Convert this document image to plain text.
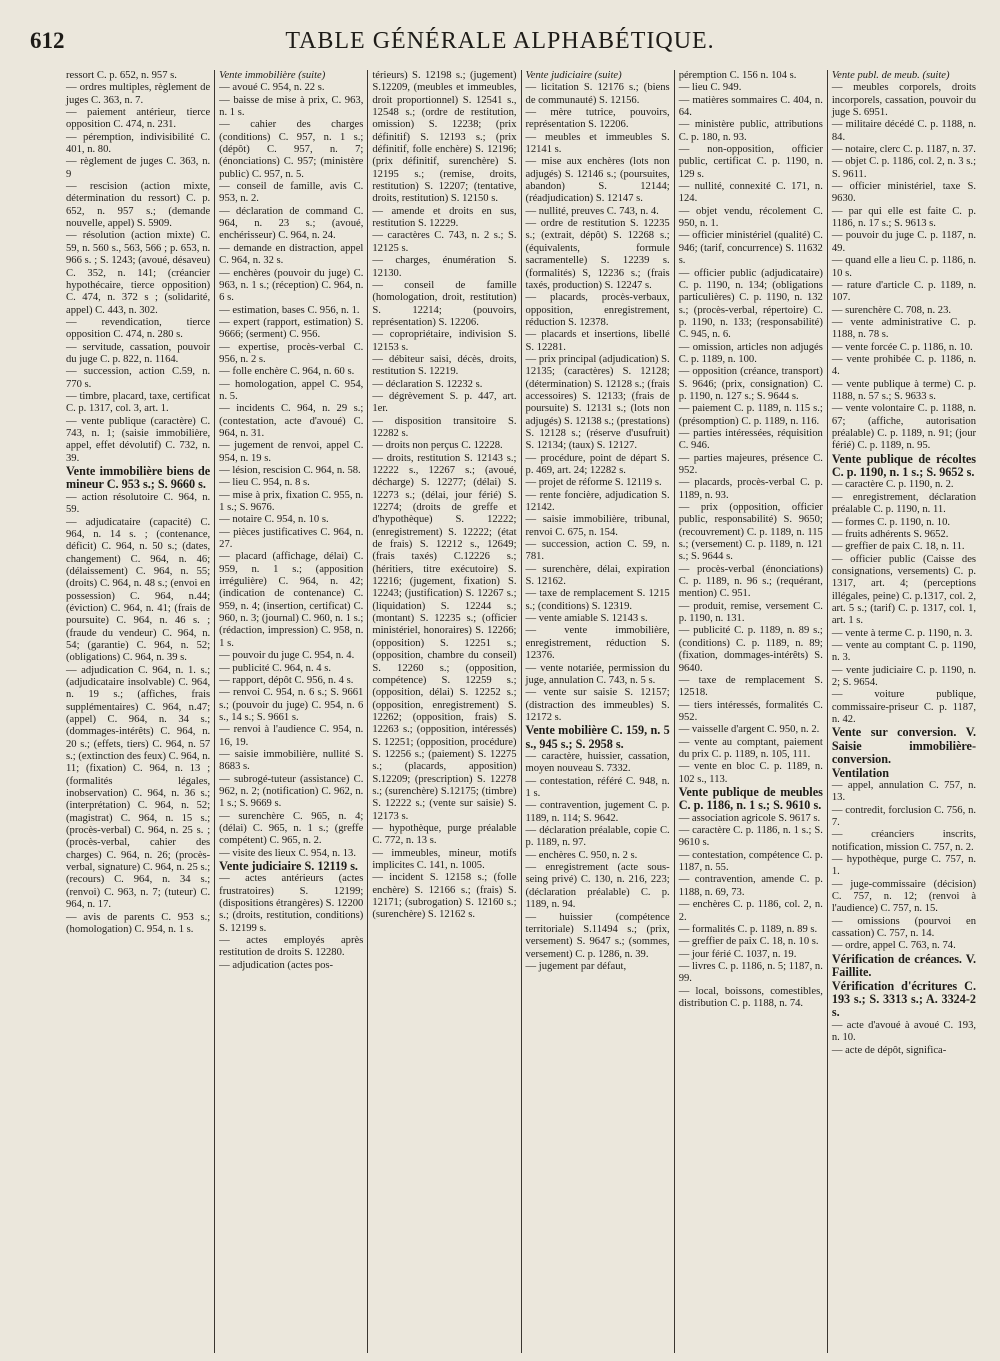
612	TABLE GÉNÉRALE ALPHABÉTIQUE.

ressort C. p. 652, n. 957 s.

— ordres multiples, règlement de juges C. 363, n. 7.

— paiement antérieur, tierce opposition C. 474, n. 231.

— péremption, indivisibilité C. 401, n. 80.

— règlement de juges C. 363, n. 9

— rescision (action mixte, détermination du ressort) C. p. 652, n. 957 s.; (demande nouvelle, appel) S. 5909.

— résolution (action mixte) C. 59, n. 560 s., 563, 566 ; p. 653, n. 966 s. ; S. 1243; (avoué, désaveu) C. 352, n. 141; (créancier hypothécaire, tierce opposition) C. 474, n. 372 s ; (solidarité, appel) C. 443, n. 302.

— revendication, tierce opposition C. 474, n. 280 s.

— servitude, cassation, pouvoir du juge C. p. 822, n. 1164.

— succession, action C.59, n. 770 s.

— timbre, placard, taxe, certificat C. p. 1317, col. 3, art. 1.

— vente publique (caractère) C. 743, n. 1; (saisie immobilière, appel, effet dévolutif) C. 732, n. 39.

Vente immobilière biens de mineur C. 953 s.; S. 9660 s.

— action résolutoire C. 964, n. 59.

— adjudicataire (capacité) C. 964, n. 14 s. ; (contenance, déficit) C. 964, n. 50 s.; (dates, changement) C. 964, n. 46; (délaissement) C. 964, n. 55; (droits) C. 964, n. 48 s.; (envoi en possession) C. 964, n.44; (éviction) C. 964, n. 41; (frais de poursuite) C. 964, n. 46 s. ; (fraude du vendeur) C. 964, n. 54; (garantie) C. 964, n. 52; (obligations) C. 964, n. 39 s.

— adjudication C. 964, n. 1. s.; (adjudicataire insolvable) C. 964, n. 19 s.; (affiches, frais supplémentaires) C. 964, n.47; (appel) C. 964, n. 34 s.; (dommages-intérêts) C. 964, n. 20 s.; (effets, tiers) C. 964, n. 57 s.; (extinction des feux) C. 964, n. 11; (fixation) C. 964, n. 13 ; (formalités légales, inobservation) C. 964, n. 36 s.; (interprétation) C. 964, n. 52; (magistrat) C. 964, n. 15 s.; (procès-verbal) C. 964, n. 25 s. ; (procès-verbal, cahier des charges) C. 964, n. 26; (procès-verbal, signature) C. 964, n. 25 s.; (recours) C. 964, n. 34 s.; (renvoi) C. 963, n. 7; (tuteur) C. 964, n. 17.

— avis de parents C. 953 s.; (homologation) C. 954, n. 1 s.

Vente immobilière (suite)

— avoué C. 954, n. 22 s.

— baisse de mise à prix, C. 963, n. 1 s.

— cahier des charges (conditions) C. 957, n. 1 s.; (dépôt) C. 957, n. 7; (énonciations) C. 957; (ministère public) C. 957, n. 5.

— conseil de famille, avis C. 953, n. 2.

— déclaration de command C. 964, n. 23 s.; (avoué, enchérisseur) C. 964, n. 24.

— demande en distraction, appel C. 964, n. 32 s.

— enchères (pouvoir du juge) C. 963, n. 1 s.; (réception) C. 964, n. 6 s.

— estimation, bases C. 956, n. 1.

— expert (rapport, estimation) S. 9666; (serment) C. 956.

— expertise, procès-verbal C. 956, n. 2 s.

— folle enchère C. 964, n. 60 s.

— homologation, appel C. 954, n. 5.

— incidents C. 964, n. 29 s.; (contestation, acte d'avoué) C. 964, n. 31.

— jugement de renvoi, appel C. 954, n. 19 s.

— lésion, rescision C. 964, n. 58.

— lieu C. 954, n. 8 s.

— mise à prix, fixation C. 955, n. 1 s.; S. 9676.

— notaire C. 954, n. 10 s.

— pièces justificatives C. 964, n. 27.

— placard (affichage, délai) C. 959, n. 1 s.; (apposition irrégulière) C. 964, n. 42; (indication de contenance) C. 959, n. 4; (insertion, certificat) C. 960, n. 3; (journal) C. 960, n. 1 s.; (rédaction, impression) C. 958, n. 1 s.

— pouvoir du juge C. 954, n. 4.

— publicité C. 964, n. 4 s.

— rapport, dépôt C. 956, n. 4 s.

— renvoi C. 954, n. 6 s.; S. 9661 s.; (pouvoir du juge) C. 954, n. 6 s., 14 s.; S. 9661 s.

— renvoi à l'audience C. 954, n. 16, 19.

— saisie immobilière, nullité S. 8683 s.

— subrogé-tuteur (assistance) C. 962, n. 2; (notification) C. 962, n. 1 s.; S. 9669 s.

— surenchère C. 965, n. 4; (délai) C. 965, n. 1 s.; (greffe compétent) C. 965, n. 2.

— visite des lieux C. 954, n. 13.

Vente judiciaire S. 12119 s.

— actes antérieurs (actes frustratoires) S. 12199; (dispositions étrangères) S. 12200 s.; (droits, restitution, conditions) S. 12199 s.

— actes employés après restitution de droits S. 12280.

— adjudication (actes pos-

térieurs) S. 12198 s.; (jugement) S.12209, (meubles et immeubles, droit proportionnel) S. 12541 s., 12548 s.; (ordre de restitution, omission) S. 12238; (prix définitif) S. 12193 s.; (prix définitif, folle enchère) S. 12196; (prix définitif, surenchère) S. 12195 s.; (remise, droits, restitution) S. 12207; (tentative, droits, restitution) S. 12150 s.

— amende et droits en sus, restitution S. 12229.

— caractères C. 743, n. 2 s.; S. 12125 s.

— charges, énumération S. 12130.

— conseil de famille (homologation, droit, restitution) S. 12214; (pouvoirs, représentation) S. 12206.

— copropriétaire, indivision S. 12153 s.

— débiteur saisi, décès, droits, restitution S. 12219.

— déclaration S. 12232 s.

— dégrèvement S. p. 447, art. 1er.

— disposition transitoire S. 12282 s.

— droits non perçus C. 12228.

— droits, restitution S. 12143 s.; 12222 s., 12267 s.; (avoué, décharge) S. 12277; (délai) S. 12273 s.; (délai, jour férié) S. 12274; (droits de greffe et d'hypothèque) S. 12222; (enregistrement) S. 12222; (état de frais) S. 12212 s., 12649; (frais taxés) C.12226 s.; (héritiers, titre exécutoire) S. 12216; (jugement, fixation) S. 12243; (justification) S. 12267 s.; (liquidation) S. 12244 s.; (montant) S. 12235 s.; (officier ministériel, honoraires) S. 12266; (opposition) S. 12251 s.; (opposition, chambre du conseil) S. 12260 s.; (opposition, compétence) S. 12259 s.; (opposition, délai) S. 12252 s.; (opposition, enregistrement) S. 12262; (opposition, frais) S. 12263 s.; (opposition, intéressés) S. 12251; (opposition, procédure) S. 12256 s.; (paiement) S. 12275 s.; (placards, apposition) S.12209; (prescription) S. 12278 s.; (surenchère) S.12175; (timbre) S. 12222 s.; (vente sur saisie) S. 12173 s.

— hypothèque, purge préalable C. 772, n. 13 s.

— immeubles, mineur, motifs implicites C. 141, n. 1005.

— incident S. 12158 s.; (folle enchère) S. 12166 s.; (frais) S. 12171; (subrogation) S. 12160 s.; (surenchère) S. 12162 s.

Vente judiciaire (suite)

— licitation S. 12176 s.; (biens de communauté) S. 12156.

— mère tutrice, pouvoirs, représentation S. 12206.

— meubles et immeubles S. 12141 s.

— mise aux enchères (lots non adjugés) S. 12146 s.; (poursuites, abandon) S. 12144; (réadjudication) S. 12147 s.

— nullité, preuves C. 743, n. 4.

— ordre de restitution S. 12235 s.; (extrait, dépôt) S. 12268 s.; (équivalents, formule sacramentelle) S. 12239 s. (formalités) S, 12236 s.; (frais taxés, production) S. 12247 s.

— placards, procès-verbaux, opposition, enregistrement, réduction S. 12378.

— placards et insertions, libellé S. 12281.

— prix principal (adjudication) S. 12135; (caractères) S. 12128; (détermination) S. 12128 s.; (frais accessoires) S. 12133; (frais de poursuite) S. 12131 s.; (lots non adjugés) S. 12138 s.; (prestations) S. 12128 s.; (réserve d'usufruit) S. 12134; (taux) S. 12127.

— procédure, point de départ S. p. 469, art. 24; 12282 s.

— projet de réforme S. 12119 s.

— rente foncière, adjudication S. 12142.

— saisie immobilière, tribunal, renvoi C. 675, n. 154.

— succession, action C. 59, n. 781.

— surenchère, délai, expiration S. 12162.

— taxe de remplacement S. 1215 s.; (conditions) S. 12319.

— vente amiable S. 12143 s.

— vente immobilière, enregistrement, réduction S. 12376.

— vente notariée, permission du juge, annulation C. 743, n. 5 s.

— vente sur saisie S. 12157; (distraction des immeubles) S. 12172 s.

Vente mobilière C. 159, n. 5 s., 945 s.; S. 2958 s.

— caractère, huissier, cassation, moyen nouveau S. 7332.

— contestation, référé C. 948, n. 1 s.

— contravention, jugement C. p. 1189, n. 114; S. 9642.

— déclaration préalable, copie C. p. 1189, n. 97.

— enchères C. 950, n. 2 s.

— enregistrement (acte sous-seing privé) C. 130, n. 216, 223; (déclaration préalable) C. p. 1189, n. 94.

— huissier (compétence territoriale) S.11494 s.; (prix, versement) S. 9647 s.; (sommes, versement) C. p. 1286, n. 39.

— jugement par défaut,

péremption C. 156 n. 104 s.

— lieu C. 949.

— matières sommaires C. 404, n. 64.

— ministère public, attributions C. p. 180, n. 93.

— non-opposition, officier public, certificat C. p. 1190, n. 129 s.

— nullité, connexité C. 171, n. 124.

— objet vendu, récolement C. 950, n. 1.

— officier ministériel (qualité) C. 946; (tarif, concurrence) S. 11632 s.

— officier public (adjudicataire) C. p. 1190, n. 134; (obligations particulières) C. p. 1190, n. 132 s.; (procès-verbal, répertoire) C. p. 1190, n. 133; (responsabilité) C. 945, n. 6.

— omission, articles non adjugés C. p. 1189, n. 100.

— opposition (créance, transport) S. 9646; (prix, consignation) C. p. 1190, n. 127 s.; S. 9644 s.

— paiement C. p. 1189, n. 115 s.; (présomption) C. p. 1189, n. 116.

— parties intéressées, réquisition C. 946.

— parties majeures, présence C. 952.

— placards, procès-verbal C. p. 1189, n. 93.

— prix (opposition, officier public, responsabilité) S. 9650; (recouvrement) C. p. 1189, n. 115 s.; (versement) C. p. 1189, n. 121 s.; S. 9644 s.

— procès-verbal (énonciations) C. p. 1189, n. 96 s.; (requérant, mention) C. 951.

— produit, remise, versement C. p. 1190, n. 131.

— publicité C. p. 1189, n. 89 s.; (conditions) C. p. 1189, n. 89; (fixation, dommages-intérêts) S. 9640.

— taxe de remplacement S. 12518.

— tiers intéressés, formalités C. 952.

— vaisselle d'argent C. 950, n. 2.

— vente au comptant, paiement du prix C. p. 1189, n. 105, 111.

— vente en bloc C. p. 1189, n. 102 s., 113.

Vente publique de meubles C. p. 1186, n. 1 s.; S. 9610 s.

— association agricole S. 9617 s.

— caractère C. p. 1186, n. 1 s.; S. 9610 s.

— contestation, compétence C. p. 1187, n. 55.

— contravention, amende C. p. 1188, n. 69, 73.

— enchères C. p. 1186, col. 2, n. 2.

— formalités C. p. 1189, n. 89 s.

— greffier de paix C. 18, n. 10 s.

— jour férié C. 1037, n. 19.

— livres C. p. 1186, n. 5; 1187, n. 99.

— local, boissons, comestibles, distribution C. p. 1188, n. 74.

Vente publ. de meub. (suite)

— meubles corporels, droits incorporels, cassation, pouvoir du juge S. 6951.

— militaire décédé C. p. 1188, n. 84.

— notaire, clerc C. p. 1187, n. 37.

— objet C. p. 1186, col. 2, n. 3 s.; S. 9611.

— officier ministériel, taxe S. 9630.

— par qui elle est faite C. p. 1186, n. 17 s.; S. 9613 s.

— pouvoir du juge C. p. 1187, n. 49.

— quand elle a lieu C. p. 1186, n. 10 s.

— rature d'article C. p. 1189, n. 107.

— surenchère C. 708, n. 23.

— vente administrative C. p. 1188, n. 78 s.

— vente forcée C. p. 1186, n. 10.

— vente prohibée C. p. 1186, n. 4.

— vente publique à terme) C. p. 1188, n. 57 s.; S. 9633 s.

— vente volontaire C. p. 1188, n. 67; (affiche, autorisation préalable) C. p. 1189, n. 91; (jour férié) C. p. 1189, n. 95.

Vente publique de récoltes C. p. 1190, n. 1 s.; S. 9652 s.

— caractère C. p. 1190, n. 2.

— enregistrement, déclaration préalable C. p. 1190, n. 11.

— formes C. p. 1190, n. 10.

— fruits adhérents S. 9652.

— greffier de paix C. 18, n. 11.

— officier public (Caisse des consignations, versements) C. p. 1317, art. 4; (perceptions illégales, peine) C. p.1317, col. 2, art. 5 s.; (tarif) C. p. 1317, col. 1, art. 1 s.

— vente à terme C. p. 1190, n. 3.

— vente au comptant C. p. 1190, n. 3.

— vente judiciaire C. p. 1190, n. 2; S. 9654.

— voiture publique, commissaire-priseur C. p. 1187, n. 42.

Vente sur conversion. V. Saisie immobilière-conversion.

Ventilation

— appel, annulation C. 757, n. 13.

— contredit, forclusion C. 756, n. 7.

— créanciers inscrits, notification, mission C. 757, n. 2.

— hypothèque, purge C. 757, n. 1.

— juge-commissaire (décision) C. 757, n. 12; (renvoi à l'audience) C. 757, n. 15.

— omissions (pourvoi en cassation) C. 757, n. 14.

— ordre, appel C. 763, n. 74.

Vérification de créances. V. Faillite.

Vérification d'écritures C. 193 s.; S. 3313 s.; A. 3324-2 s.

— acte d'avoué à avoué C. 193, n. 10.

— acte de dépôt, significa-
